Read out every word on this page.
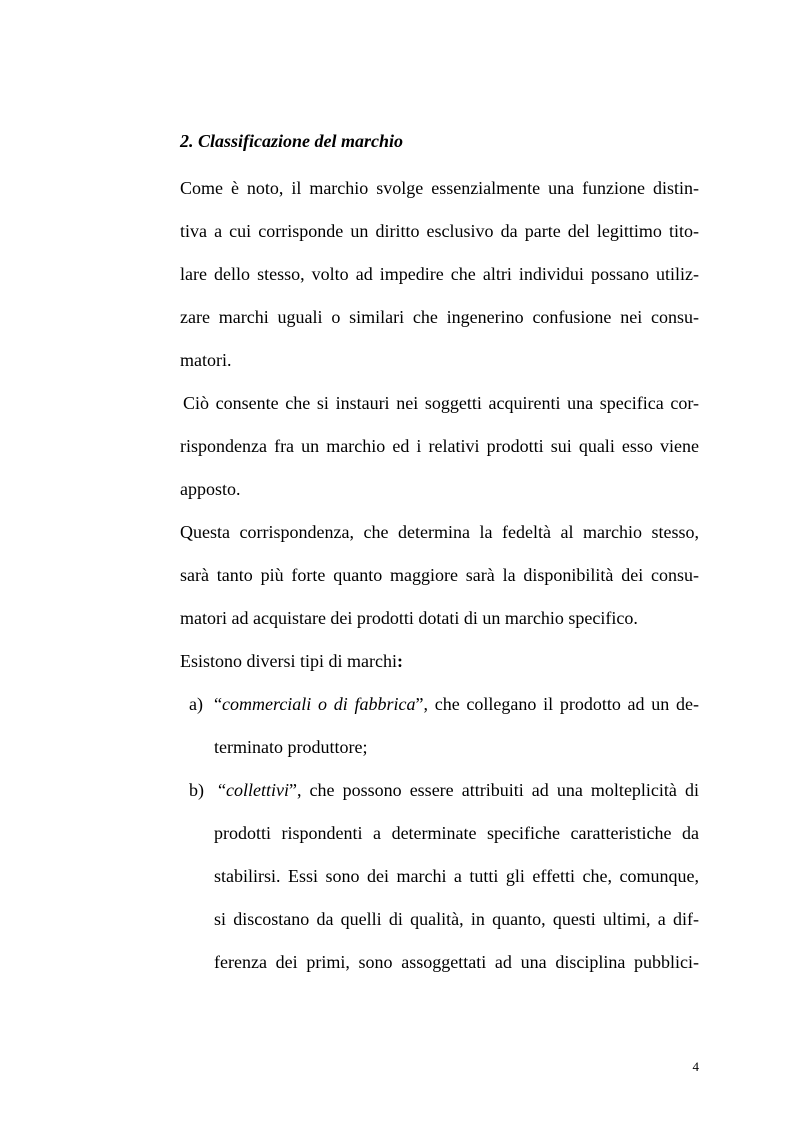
2. Classificazione del marchio
Come è noto, il marchio svolge essenzialmente una funzione distin-
tiva a cui corrisponde un diritto esclusivo da parte del legittimo tito-
lare dello stesso, volto ad impedire che altri individui possano utiliz-
zare marchi uguali o similari che ingenerino confusione nei consu-
matori.
Ciò consente che si instauri nei soggetti acquirenti una specifica cor-
rispondenza fra un marchio ed i relativi prodotti sui quali esso viene
apposto.
Questa corrispondenza, che determina la fedeltà al marchio stesso,
sarà tanto più forte quanto maggiore sarà la disponibilità dei consu-
matori ad acquistare dei prodotti dotati di un marchio specifico.
Esistono diversi tipi di marchi:
a) “commerciali o di fabbrica”, che collegano il prodotto ad un de-
terminato produttore;
b) “collettivi”, che possono essere attribuiti ad una molteplicità di
prodotti rispondenti a determinate specifiche caratteristiche da
stabilirsi. Essi sono dei marchi a tutti gli effetti che, comunque,
si discostano da quelli di qualità, in quanto, questi ultimi, a dif-
ferenza dei primi, sono assoggettati ad una disciplina pubblici-
4
